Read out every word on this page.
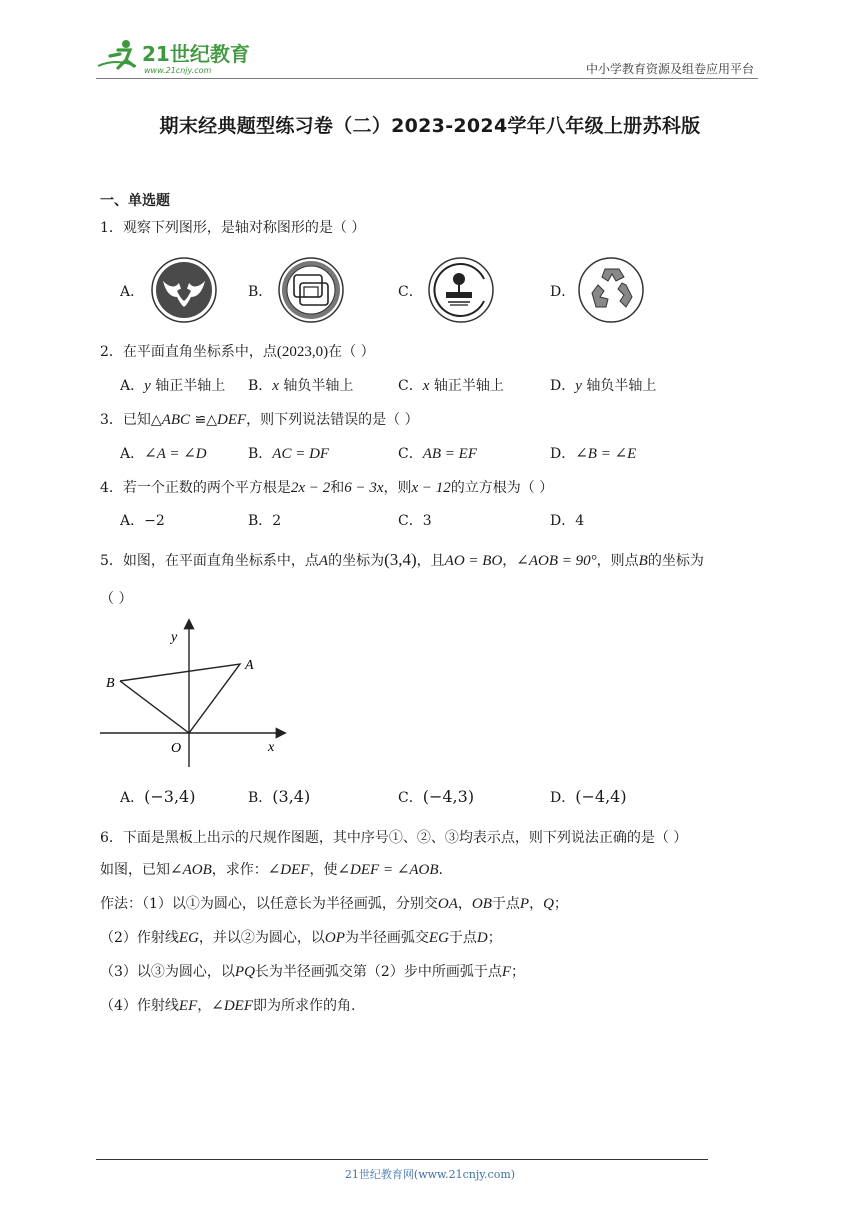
21世纪教育
www.21cnjy.com	中小学教育资源及组卷应用平台
期末经典题型练习卷（二）2023-2024学年八年级上册苏科版
一、单选题
1．观察下列图形，是轴对称图形的是（ ）
A．	B．	C．	D．
2．在平面直角坐标系中，点(2023,0)在（ ）
A．y 轴正半轴上 B．x 轴负半轴上	C．x 轴正半轴上	D．y 轴负半轴上
3．已知△ABC ≌△DEF，则下列说法错误的是（ ）
A．∠A = ∠D	B．AC = DF	C．AB = EF	D．∠B = ∠E
4．若一个正数的两个平方根是2x − 2和6 − 3x，则x − 12的立方根为（ ）
A．−2	B．2	C．3	D．4
5．如图，在平面直角坐标系中，点A的坐标为(3,4)，且AO = BO，∠AOB = 90°，则点B的坐标为
（ ）
y
x
A
B
O
A．(−3,4)	B．(3,4)	C．(−4,3)	D．(−4,4)
6．下面是黑板上出示的尺规作图题，其中序号①、②、③均表示点，则下列说法正确的是（ ）
如图，已知∠AOB，求作：∠DEF，使∠DEF = ∠AOB.
作法：（1）以①为圆心，以任意长为半径画弧，分别交OA，OB于点P，Q；
（2）作射线EG，并以②为圆心，以OP为半径画弧交EG于点D；
（3）以③为圆心，以PQ长为半径画弧交第（2）步中所画弧于点F；
（4）作射线EF，∠DEF即为所求作的角.
21世纪教育网(www.21cnjy.com)
